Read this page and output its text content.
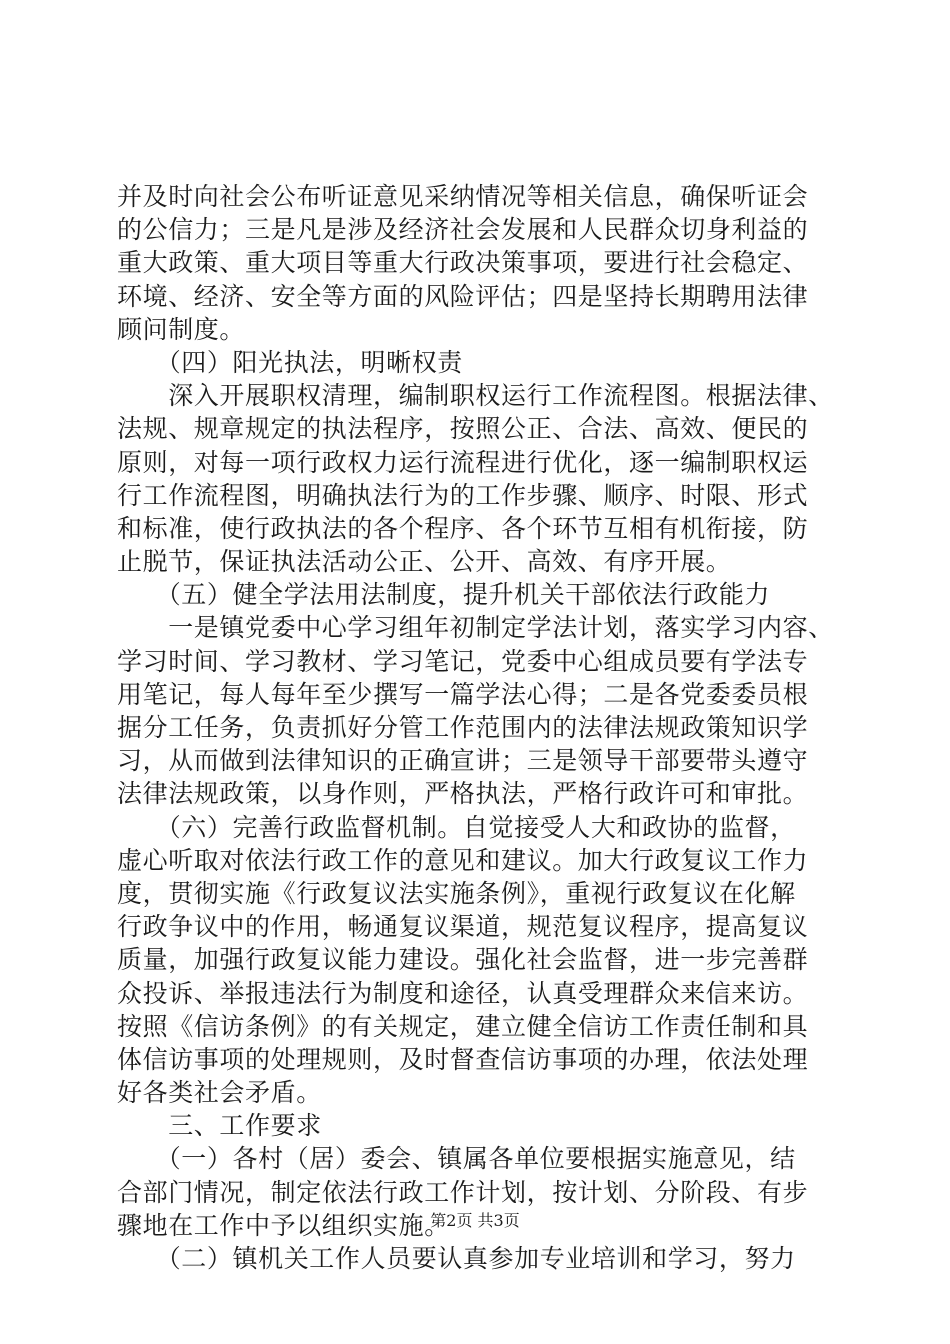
并及时向社会公布听证意见采纳情况等相关信息，确保听证会
的公信力；三是凡是涉及经济社会发展和人民群众切身利益的
重大政策、重大项目等重大行政决策事项，要进行社会稳定、
环境、经济、安全等方面的风险评估；四是坚持长期聘用法律
顾问制度。
　　（四）阳光执法，明晰权责
　　深入开展职权清理，编制职权运行工作流程图。根据法律、
法规、规章规定的执法程序，按照公正、合法、高效、便民的
原则，对每一项行政权力运行流程进行优化，逐一编制职权运
行工作流程图，明确执法行为的工作步骤、顺序、时限、形式
和标准，使行政执法的各个程序、各个环节互相有机衔接，防
止脱节，保证执法活动公正、公开、高效、有序开展。
　　（五）健全学法用法制度，提升机关干部依法行政能力
　　一是镇党委中心学习组年初制定学法计划，落实学习内容、
学习时间、学习教材、学习笔记，党委中心组成员要有学法专
用笔记，每人每年至少撰写一篇学法心得；二是各党委委员根
据分工任务，负责抓好分管工作范围内的法律法规政策知识学
习，从而做到法律知识的正确宣讲；三是领导干部要带头遵守
法律法规政策，以身作则，严格执法，严格行政许可和审批。
　　（六）完善行政监督机制。自觉接受人大和政协的监督，
虚心听取对依法行政工作的意见和建议。加大行政复议工作力
度，贯彻实施《行政复议法实施条例》，重视行政复议在化解
行政争议中的作用，畅通复议渠道，规范复议程序，提高复议
质量，加强行政复议能力建设。强化社会监督，进一步完善群
众投诉、举报违法行为制度和途径，认真受理群众来信来访。
按照《信访条例》的有关规定，建立健全信访工作责任制和具
体信访事项的处理规则，及时督查信访事项的办理，依法处理
好各类社会矛盾。
　　三、工作要求
　　（一）各村（居）委会、镇属各单位要根据实施意见，结
合部门情况，制定依法行政工作计划，按计划、分阶段、有步
骤地在工作中予以组织实施。
　　（二）镇机关工作人员要认真参加专业培训和学习，努力
第2页 共3页
